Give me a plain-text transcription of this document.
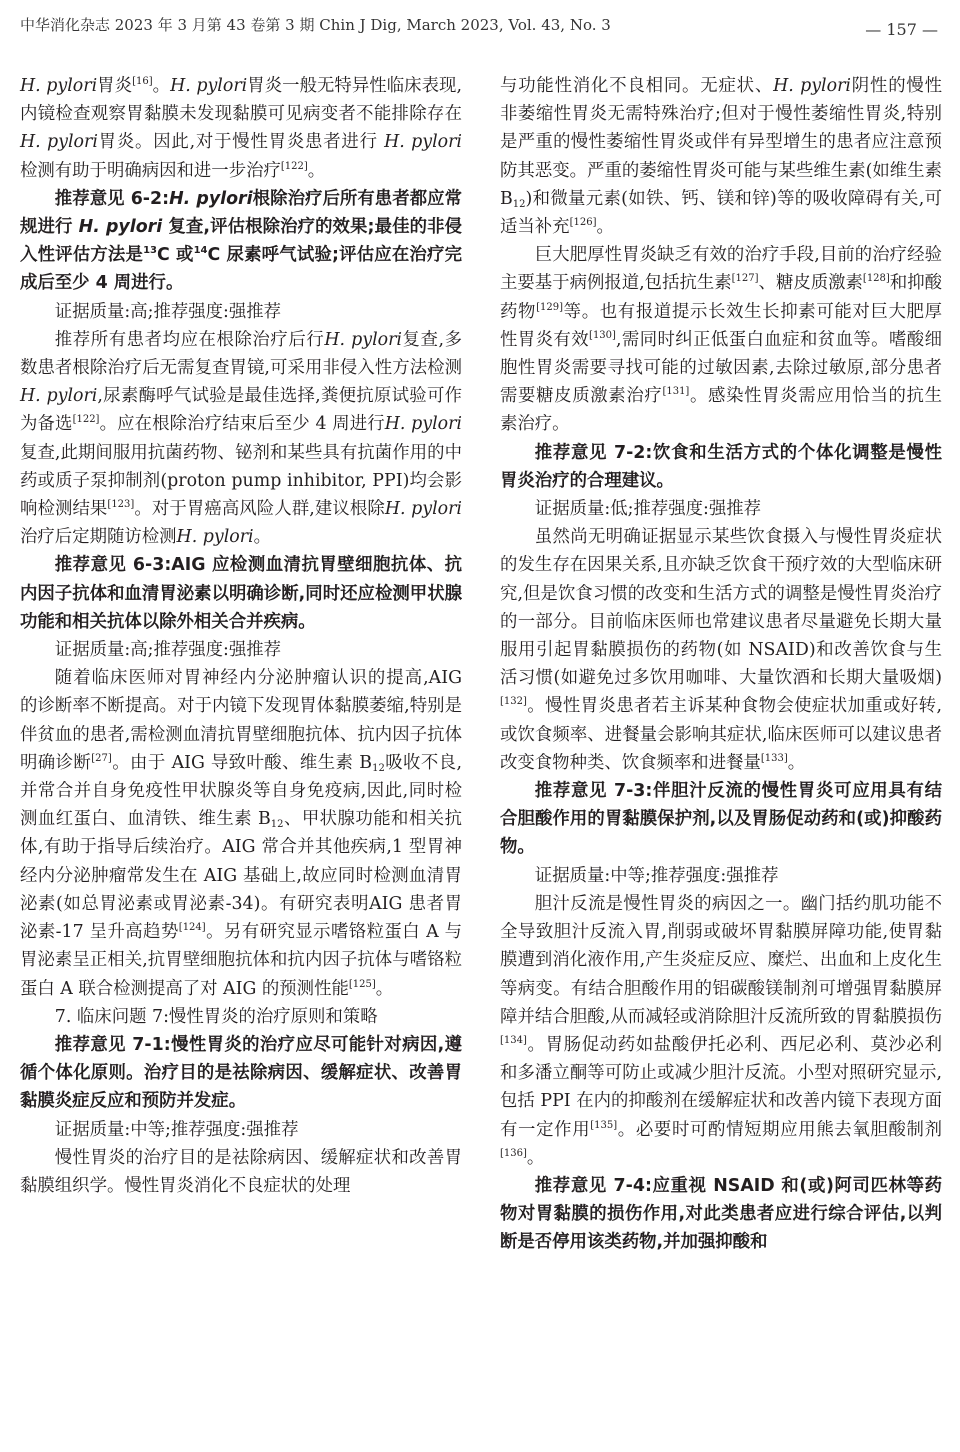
中华消化杂志 2023 年 3 月第 43 卷第 3 期 Chin J Dig, March 2023, Vol. 43, No. 3	— 157 —

H. pylori胃炎[16]。H. pylori胃炎一般无特异性临床表现,内镜检查观察胃黏膜未发现黏膜可见病变者不能排除存在H. pylori胃炎。因此,对于慢性胃炎患者进行 H. pylori 检测有助于明确病因和进一步治疗[122]。

推荐意见 6-2:H. pylori根除治疗后所有患者都应常规进行 H. pylori 复查,评估根除治疗的效果;最佳的非侵入性评估方法是$^{13}$C 或$^{14}$C 尿素呼气试验;评估应在治疗完成后至少 4 周进行。

证据质量:高;推荐强度:强推荐

推荐所有患者均应在根除治疗后行H. pylori复查,多数患者根除治疗后无需复查胃镜,可采用非侵入性方法检测H. pylori,尿素酶呼气试验是最佳选择,粪便抗原试验可作为备选[122]。应在根除治疗结束后至少 4 周进行H. pylori复查,此期间服用抗菌药物、铋剂和某些具有抗菌作用的中药或质子泵抑制剂(proton pump inhibitor, PPI)均会影响检测结果[123]。对于胃癌高风险人群,建议根除H. pylori治疗后定期随访检测H. pylori。

推荐意见 6-3:AIG 应检测血清抗胃壁细胞抗体、抗内因子抗体和血清胃泌素以明确诊断,同时还应检测甲状腺功能和相关抗体以除外相关合并疾病。

证据质量:高;推荐强度:强推荐

随着临床医师对胃神经内分泌肿瘤认识的提高,AIG 的诊断率不断提高。对于内镜下发现胃体黏膜萎缩,特别是伴贫血的患者,需检测血清抗胃壁细胞抗体、抗内因子抗体明确诊断[27]。由于 AIG 导致叶酸、维生素 B12吸收不良,并常合并自身免疫性甲状腺炎等自身免疫病,因此,同时检测血红蛋白、血清铁、维生素 B12、甲状腺功能和相关抗体,有助于指导后续治疗。AIG 常合并其他疾病,1 型胃神经内分泌肿瘤常发生在 AIG 基础上,故应同时检测血清胃泌素(如总胃泌素或胃泌素-34)。有研究表明AIG 患者胃泌素-17 呈升高趋势[124]。另有研究显示嗜铬粒蛋白 A 与胃泌素呈正相关,抗胃壁细胞抗体和抗内因子抗体与嗜铬粒蛋白 A 联合检测提高了对 AIG 的预测性能[125]。

7. 临床问题 7:慢性胃炎的治疗原则和策略

推荐意见 7-1:慢性胃炎的治疗应尽可能针对病因,遵循个体化原则。治疗目的是祛除病因、缓解症状、改善胃黏膜炎症反应和预防并发症。

证据质量:中等;推荐强度:强推荐

慢性胃炎的治疗目的是祛除病因、缓解症状和改善胃黏膜组织学。慢性胃炎消化不良症状的处理

与功能性消化不良相同。无症状、H. pylori阴性的慢性非萎缩性胃炎无需特殊治疗;但对于慢性萎缩性胃炎,特别是严重的慢性萎缩性胃炎或伴有异型增生的患者应注意预防其恶变。严重的萎缩性胃炎可能与某些维生素(如维生素 B12)和微量元素(如铁、钙、镁和锌)等的吸收障碍有关,可适当补充[126]。

巨大肥厚性胃炎缺乏有效的治疗手段,目前的治疗经验主要基于病例报道,包括抗生素[127]、糖皮质激素[128]和抑酸药物[129]等。也有报道提示长效生长抑素可能对巨大肥厚性胃炎有效[130],需同时纠正低蛋白血症和贫血等。嗜酸细胞性胃炎需要寻找可能的过敏因素,去除过敏原,部分患者需要糖皮质激素治疗[131]。感染性胃炎需应用恰当的抗生素治疗。

推荐意见 7-2:饮食和生活方式的个体化调整是慢性胃炎治疗的合理建议。

证据质量:低;推荐强度:强推荐

虽然尚无明确证据显示某些饮食摄入与慢性胃炎症状的发生存在因果关系,且亦缺乏饮食干预疗效的大型临床研究,但是饮食习惯的改变和生活方式的调整是慢性胃炎治疗的一部分。目前临床医师也常建议患者尽量避免长期大量服用引起胃黏膜损伤的药物(如 NSAID)和改善饮食与生活习惯(如避免过多饮用咖啡、大量饮酒和长期大量吸烟)[132]。慢性胃炎患者若主诉某种食物会使症状加重或好转,或饮食频率、进餐量会影响其症状,临床医师可以建议患者改变食物种类、饮食频率和进餐量[133]。

推荐意见 7-3:伴胆汁反流的慢性胃炎可应用具有结合胆酸作用的胃黏膜保护剂,以及胃肠促动药和(或)抑酸药物。

证据质量:中等;推荐强度:强推荐

胆汁反流是慢性胃炎的病因之一。幽门括约肌功能不全导致胆汁反流入胃,削弱或破坏胃黏膜屏障功能,使胃黏膜遭到消化液作用,产生炎症反应、糜烂、出血和上皮化生等病变。有结合胆酸作用的铝碳酸镁制剂可增强胃黏膜屏障并结合胆酸,从而减轻或消除胆汁反流所致的胃黏膜损伤[134]。胃肠促动药如盐酸伊托必利、西尼必利、莫沙必利和多潘立酮等可防止或减少胆汁反流。小型对照研究显示,包括 PPI 在内的抑酸剂在缓解症状和改善内镜下表现方面有一定作用[135]。必要时可酌情短期应用熊去氧胆酸制剂[136]。

推荐意见 7-4:应重视 NSAID 和(或)阿司匹林等药物对胃黏膜的损伤作用,对此类患者应进行综合评估,以判断是否停用该类药物,并加强抑酸和
